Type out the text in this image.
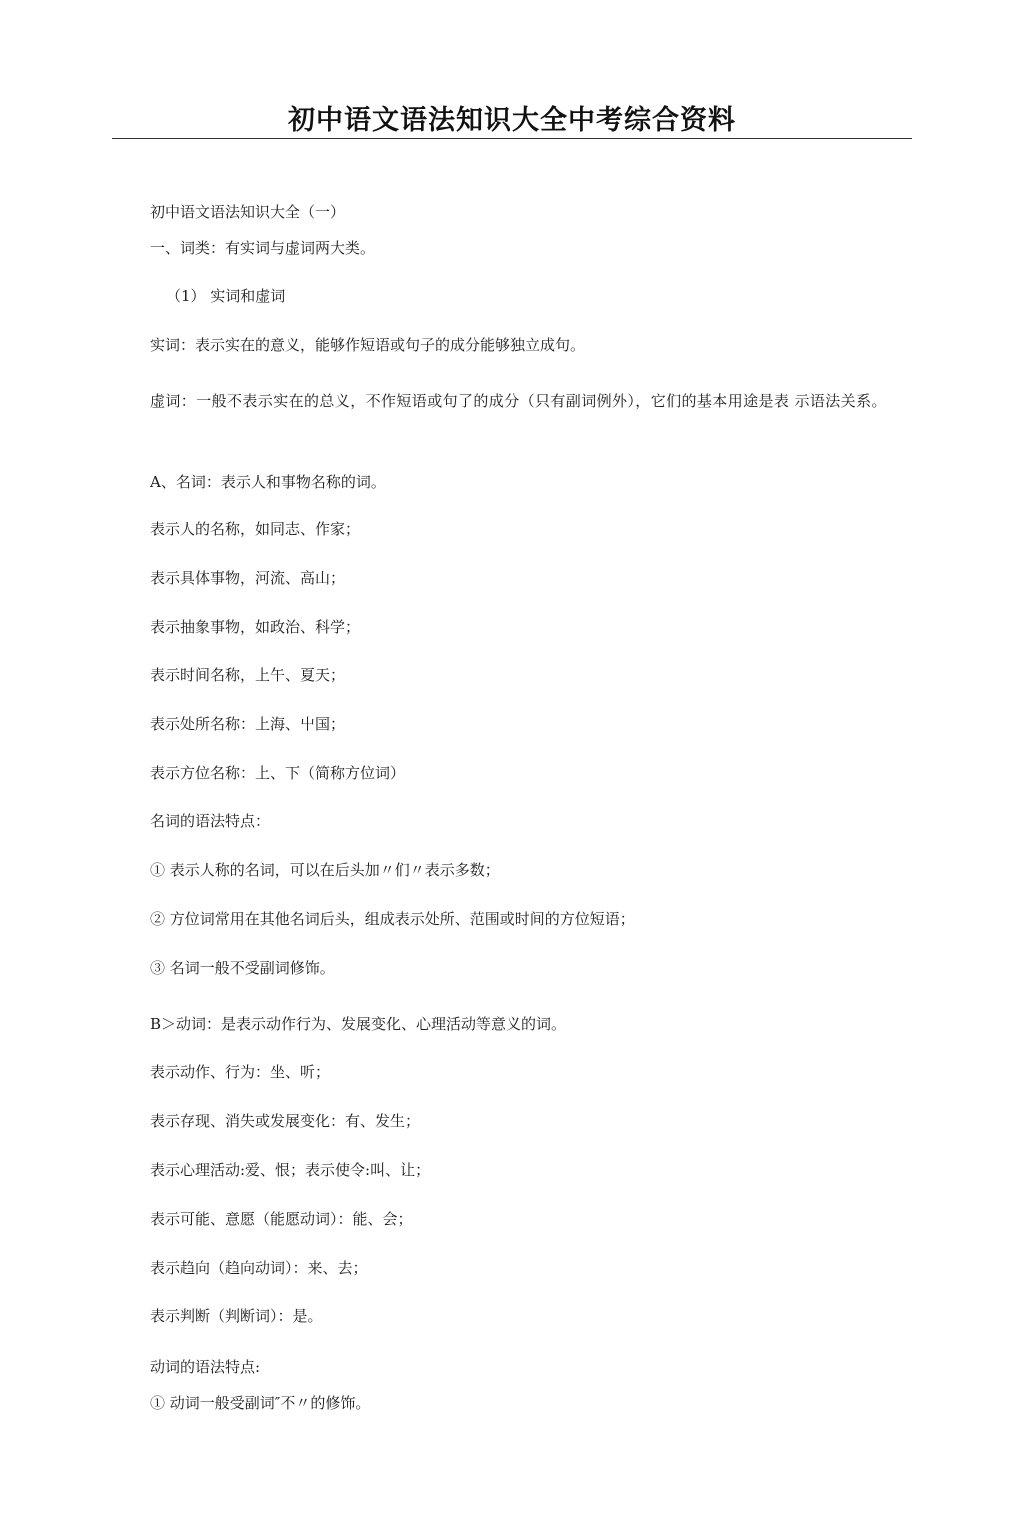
初中语文语法知识大全中考综合资料

初中语文语法知识大全（一）

一、词类：有实词与虚词两大类。

（1） 实词和虚词

实词：表示实在的意义，能够作短语或句子的成分能够独立成句。

虚词：一般不表示实在的总义，不作短语或句了的成分（只有副词例外），它们的基本用途是表 示语法关系。

A、名词：表示人和事物名称的词。

表示人的名称，如同志、作家；

表示具体事物，河流、高山；

表示抽象事物，如政治、科学；

表示时间名称，上午、夏天；

表示处所名称：上海、屮国；

表示方位名称：上、下（简称方位词）

名词的语法特点：

① 表示人称的名词，可以在后头加〃们〃表示多数；

② 方位词常用在其他名词后头，组成表示处所、范围或时间的方位短语；

③ 名词一般不受副词修饰。

B＞动词：是表示动作行为、发展变化、心理活动等意义的词。

表示动作、行为：坐、听；

表示存现、消失或发展变化：有、发生；

表示心理活动:爱、恨；表示使令:叫、让；

表示可能、意愿（能愿动词）：能、会；

表示趋向（趋向动词）：来、去；

表示判断（判断词）：是。

动词的语法特点:

① 动词一般受副词″不〃的修饰。
